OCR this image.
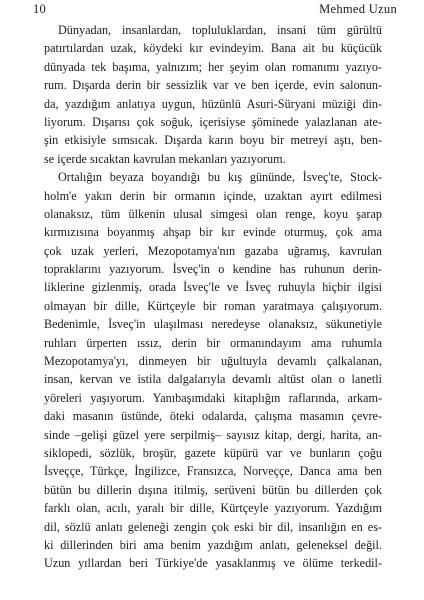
10	Mehmed Uzun
Dünyadan, insanlardan, topluluklardan, insani tüm gürültü
patırtılardan uzak, köydeki kır evindeyim. Bana ait bu küçücük
dünyada tek başıma, yalnızım; her şeyim olan romanımı yazıyo-
rum. Dışarda derin bir sessizlik var ve ben içerde, evin salonun-
da, yazdığım anlatıya uygun, hüzünlü Asuri-Süryani müziği din-
liyorum. Dışarısı çok soğuk, içerisiyse şöminede yalazlanan ate-
şin etkisiyle sımsıcak. Dışarda karın boyu bir metreyi aştı, ben-
se içerde sıcaktan kavrulan mekanları yazıyorum.
Ortalığın beyaza boyandığı bu kış gününde, İsveç'te, Stock-
holm'e yakın derin bir ormanın içinde, uzaktan ayırt edilmesi
olanaksız, tüm ülkenin ulusal simgesi olan renge, koyu şarap
kırmızısına boyanmış ahşap bir kır evinde oturmuş, çok ama
çok uzak yerleri, Mezopotamya'nın gazaba uğramış, kavrulan
topraklarını yazıyorum. İsveç'in o kendine has ruhunun derin-
liklerine gizlenmiş, orada İsveç'le ve İsveç ruhuyla hiçbir ilgisi
olmayan bir dille, Kürtçeyle bir roman yaratmaya çalışıyorum.
Bedenimle, İsveç'in ulaşılması neredeyse olanaksız, sükunetiyle
ruhları ürperten ıssız, derin bir ormanındayım ama ruhumla
Mezopotamya'yı, dinmeyen bir uğultuyla devamlı çalkalanan,
insan, kervan ve istila dalgalarıyla devamlı altüst olan o lanetli
yöreleri yaşıyorum. Yanıbaşımdaki kitaplığın raflarında, arkam-
daki masanın üstünde, öteki odalarda, çalışma masamın çevre-
sinde –gelişi güzel yere serpilmiş– sayısız kitap, dergi, harita, an-
siklopedi, sözlük, broşür, gazete küpürü var ve bunların çoğu
İsveççe, Türkçe, İngilizce, Fransızca, Norveççe, Danca ama ben
bütün bu dillerin dışına itilmiş, serüveni bütün bu dillerden çok
farklı olan, acılı, yaralı bir dille, Kürtçeyle yazıyorum. Yazdığım
dil, sözlü anlatı geleneği zengin çok eski bir dil, insanlığın en es-
ki dillerinden biri ama benim yazdığım anlatı, geleneksel değil.
Uzun yıllardan beri Türkiye'de yasaklanmış ve ölüme terkedil-
